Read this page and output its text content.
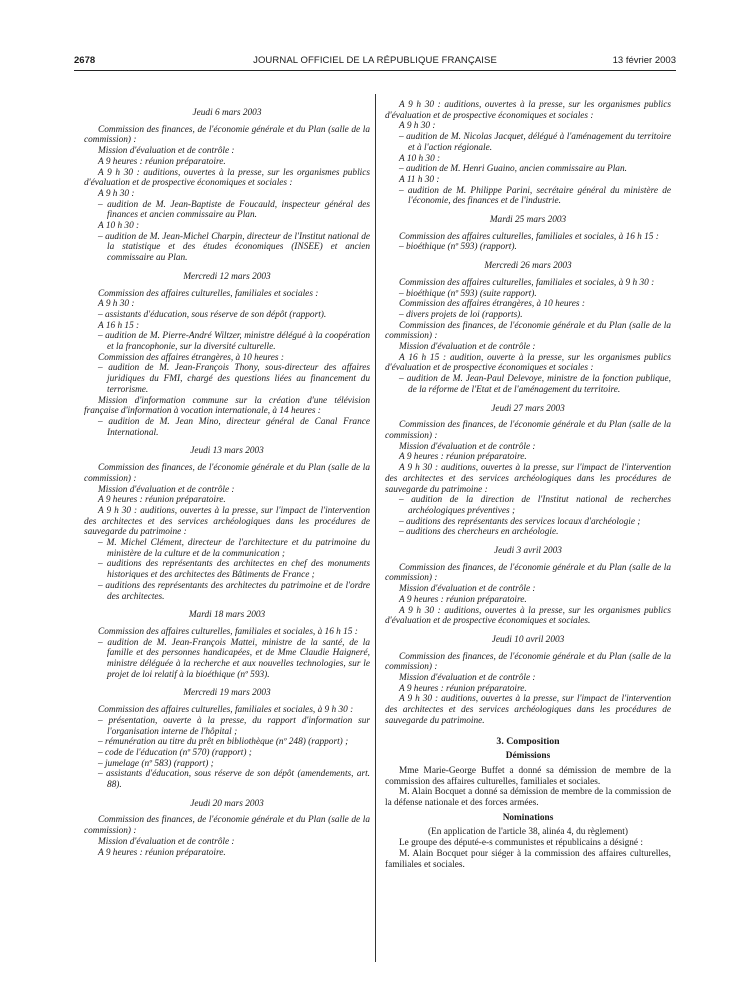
2678	JOURNAL OFFICIEL DE LA RÉPUBLIQUE FRANÇAISE	13 février 2003

Jeudi 6 mars 2003

Commission des finances, de l'économie générale et du Plan (salle de la commission) :

Mission d'évaluation et de contrôle :

A 9 heures : réunion préparatoire.

A 9 h 30 : auditions, ouvertes à la presse, sur les organismes publics d'évaluation et de prospective économiques et sociales :

A 9 h 30 :

– audition de M. Jean-Baptiste de Foucauld, inspecteur général des finances et ancien commissaire au Plan.

A 10 h 30 :

– audition de M. Jean-Michel Charpin, directeur de l'Institut national de la statistique et des études économiques (INSEE) et ancien commissaire au Plan.

Mercredi 12 mars 2003

Commission des affaires culturelles, familiales et sociales :

A 9 h 30 :

– assistants d'éducation, sous réserve de son dépôt (rapport).

A 16 h 15 :

– audition de M. Pierre-André Wiltzer, ministre délégué à la coopération et la francophonie, sur la diversité culturelle.

Commission des affaires étrangères, à 10 heures :

– audition de M. Jean-François Thony, sous-directeur des affaires juridiques du FMI, chargé des questions liées au financement du terrorisme.

Mission d'information commune sur la création d'une télévision française d'information à vocation internationale, à 14 heures :

– audition de M. Jean Mino, directeur général de Canal France International.

Jeudi 13 mars 2003

Commission des finances, de l'économie générale et du Plan (salle de la commission) :

Mission d'évaluation et de contrôle :

A 9 heures : réunion préparatoire.

A 9 h 30 : auditions, ouvertes à la presse, sur l'impact de l'intervention des architectes et des services archéologiques dans les procédures de sauvegarde du patrimoine :

– M. Michel Clément, directeur de l'architecture et du patrimoine du ministère de la culture et de la communication ;

– auditions des représentants des architectes en chef des monuments historiques et des architectes des Bâtiments de France ;

– auditions des représentants des architectes du patrimoine et de l'ordre des architectes.

Mardi 18 mars 2003

Commission des affaires culturelles, familiales et sociales, à 16 h 15 :

– audition de M. Jean-François Mattei, ministre de la santé, de la famille et des personnes handicapées, et de Mme Claudie Haigneré, ministre déléguée à la recherche et aux nouvelles technologies, sur le projet de loi relatif à la bioéthique (nº 593).

Mercredi 19 mars 2003

Commission des affaires culturelles, familiales et sociales, à 9 h 30 :

– présentation, ouverte à la presse, du rapport d'information sur l'organisation interne de l'hôpital ;

– rémunération au titre du prêt en bibliothèque (nº 248) (rapport) ;

– code de l'éducation (nº 570) (rapport) ;

– jumelage (nº 583) (rapport) ;

– assistants d'éducation, sous réserve de son dépôt (amendements, art. 88).

Jeudi 20 mars 2003

Commission des finances, de l'économie générale et du Plan (salle de la commission) :

Mission d'évaluation et de contrôle :

A 9 heures : réunion préparatoire.

A 9 h 30 : auditions, ouvertes à la presse, sur les organismes publics d'évaluation et de prospective économiques et sociales :

A 9 h 30 :

– audition de M. Nicolas Jacquet, délégué à l'aménagement du territoire et à l'action régionale.

A 10 h 30 :

– audition de M. Henri Guaino, ancien commissaire au Plan.

A 11 h 30 :

– audition de M. Philippe Parini, secrétaire général du ministère de l'économie, des finances et de l'industrie.

Mardi 25 mars 2003

Commission des affaires culturelles, familiales et sociales, à 16 h 15 :

– bioéthique (nº 593) (rapport).

Mercredi 26 mars 2003

Commission des affaires culturelles, familiales et sociales, à 9 h 30 :

– bioéthique (nº 593) (suite rapport).

Commission des affaires étrangères, à 10 heures :

– divers projets de loi (rapports).

Commission des finances, de l'économie générale et du Plan (salle de la commission) :

Mission d'évaluation et de contrôle :

A 16 h 15 : audition, ouverte à la presse, sur les organismes publics d'évaluation et de prospective économiques et sociales :

– audition de M. Jean-Paul Delevoye, ministre de la fonction publique, de la réforme de l'Etat et de l'aménagement du territoire.

Jeudi 27 mars 2003

Commission des finances, de l'économie générale et du Plan (salle de la commission) :

Mission d'évaluation et de contrôle :

A 9 heures : réunion préparatoire.

A 9 h 30 : auditions, ouvertes à la presse, sur l'impact de l'intervention des architectes et des services archéologiques dans les procédures de sauvegarde du patrimoine :

– audition de la direction de l'Institut national de recherches archéologiques préventives ;

– auditions des représentants des services locaux d'archéologie ;

– auditions des chercheurs en archéologie.

Jeudi 3 avril 2003

Commission des finances, de l'économie générale et du Plan (salle de la commission) :

Mission d'évaluation et de contrôle :

A 9 heures : réunion préparatoire.

A 9 h 30 : auditions, ouvertes à la presse, sur les organismes publics d'évaluation et de prospective économiques et sociales.

Jeudi 10 avril 2003

Commission des finances, de l'économie générale et du Plan (salle de la commission) :

Mission d'évaluation et de contrôle :

A 9 heures : réunion préparatoire.

A 9 h 30 : auditions, ouvertes à la presse, sur l'impact de l'intervention des architectes et des services archéologiques dans les procédures de sauvegarde du patrimoine.

3. Composition

Démissions

Mme Marie-George Buffet a donné sa démission de membre de la commission des affaires culturelles, familiales et sociales.

M. Alain Bocquet a donné sa démission de membre de la commission de la défense nationale et des forces armées.

Nominations

(En application de l'article 38, alinéa 4, du règlement)

Le groupe des député-e-s communistes et républicains a désigné :

M. Alain Bocquet pour siéger à la commission des affaires culturelles, familiales et sociales.
